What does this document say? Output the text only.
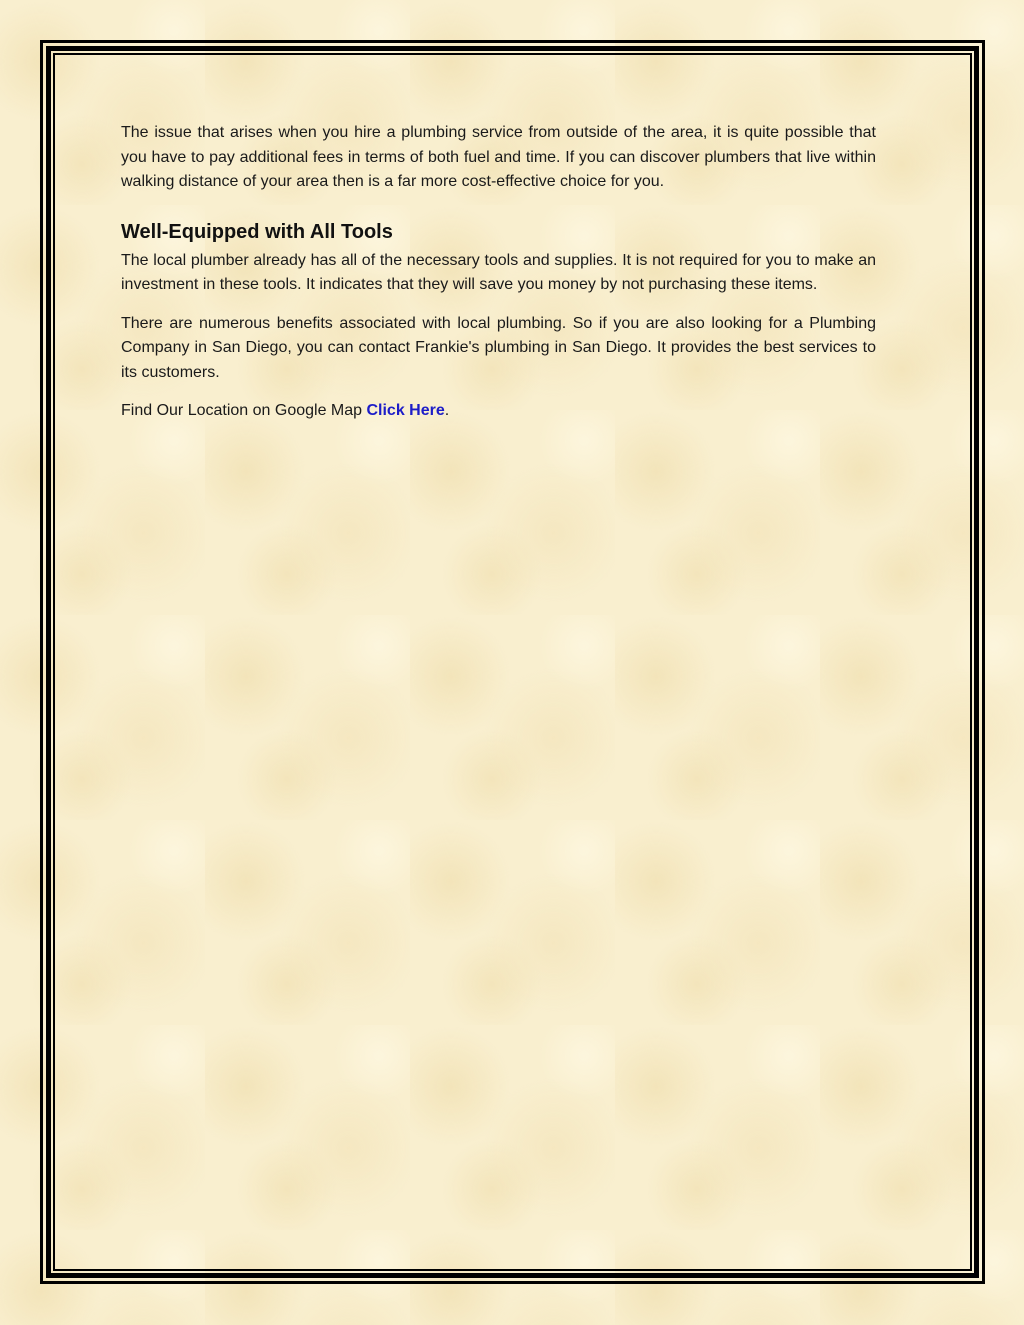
The issue that arises when you hire a plumbing service from outside of the area, it is quite possible that you have to pay additional fees in terms of both fuel and time. If you can discover plumbers that live within walking distance of your area then is a far more cost-effective choice for you.

Well-Equipped with All Tools

The local plumber already has all of the necessary tools and supplies. It is not required for you to make an investment in these tools. It indicates that they will save you money by not purchasing these items.

There are numerous benefits associated with local plumbing. So if you are also looking for a Plumbing Company in San Diego, you can contact Frankie's plumbing in San Diego. It provides the best services to its customers.

Find Our Location on Google Map Click Here.
